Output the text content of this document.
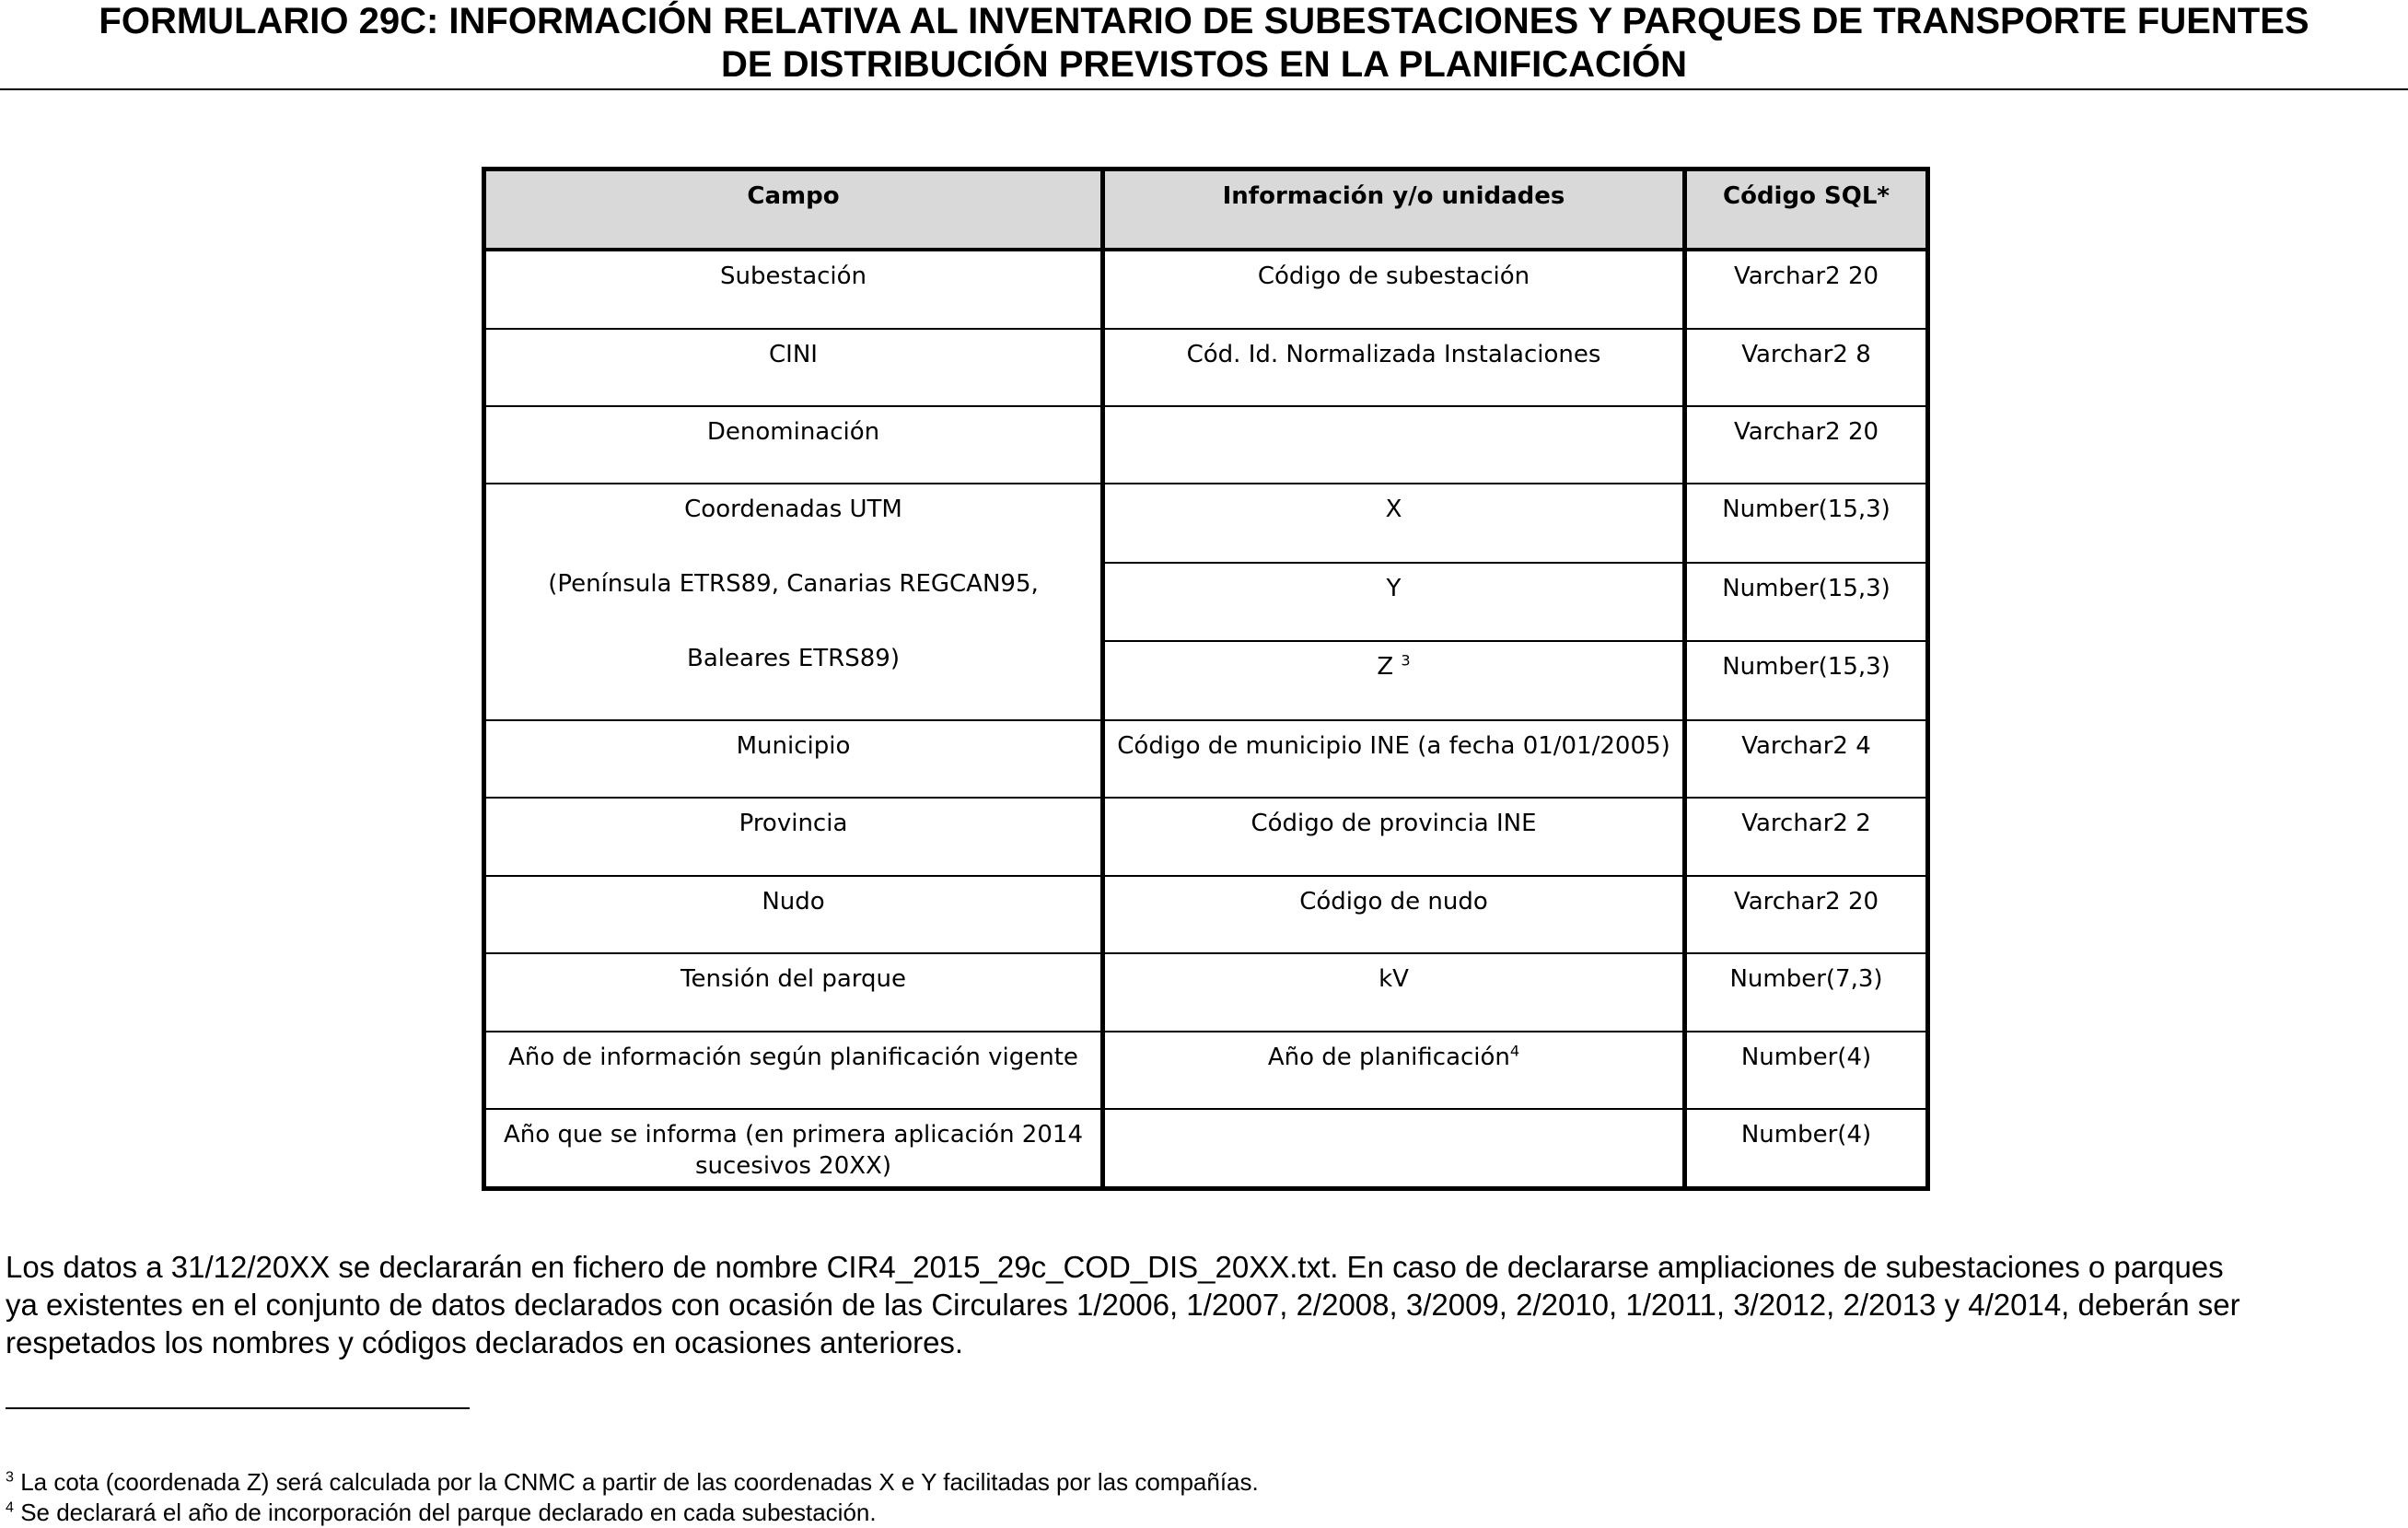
FORMULARIO 29C: INFORMACIÓN RELATIVA AL INVENTARIO DE SUBESTACIONES Y PARQUES DE TRANSPORTE FUENTES
DE DISTRIBUCIÓN PREVISTOS EN LA PLANIFICACIÓN
Campo	Información y/o unidades	Código SQL*
Subestación	Código de subestación	Varchar2 20
CINI	Cód. Id. Normalizada Instalaciones	Varchar2 8
Denominación		Varchar2 20

Coordenadas UTM
(Península ETRS89, Canarias REGCAN95,
Baleares ETRS89)	X	Number(15,3)
	Y	Number(15,3)
	Z $^3$	Number(15,3)
Municipio	Código de municipio INE (a fecha 01/01/2005)	Varchar2 4
Provincia	Código de provincia INE	Varchar2 2
Nudo	Código de nudo	Varchar2 20
Tensión del parque	kV	Number(7,3)
Año de información según planificación vigente	Año de planificación$^4$	Number(4)
Año que se informa (en primera aplicación 2014
sucesivos 20XX)		Number(4)

Los datos a 31/12/20XX se declararán en fichero de nombre CIR4_2015_29c_COD_DIS_20XX.txt. En caso de declararse ampliaciones de subestaciones o parques
ya existentes en el conjunto de datos declarados con ocasión de las Circulares 1/2006, 1/2007, 2/2008, 3/2009, 2/2010, 1/2011, 3/2012, 2/2013 y 4/2014, deberán ser
respetados los nombres y códigos declarados en ocasiones anteriores.

$^3$ La cota (coordenada Z) será calculada por la CNMC a partir de las coordenadas X e Y facilitadas por las compañías.

$^4$ Se declarará el año de incorporación del parque declarado en cada subestación.
